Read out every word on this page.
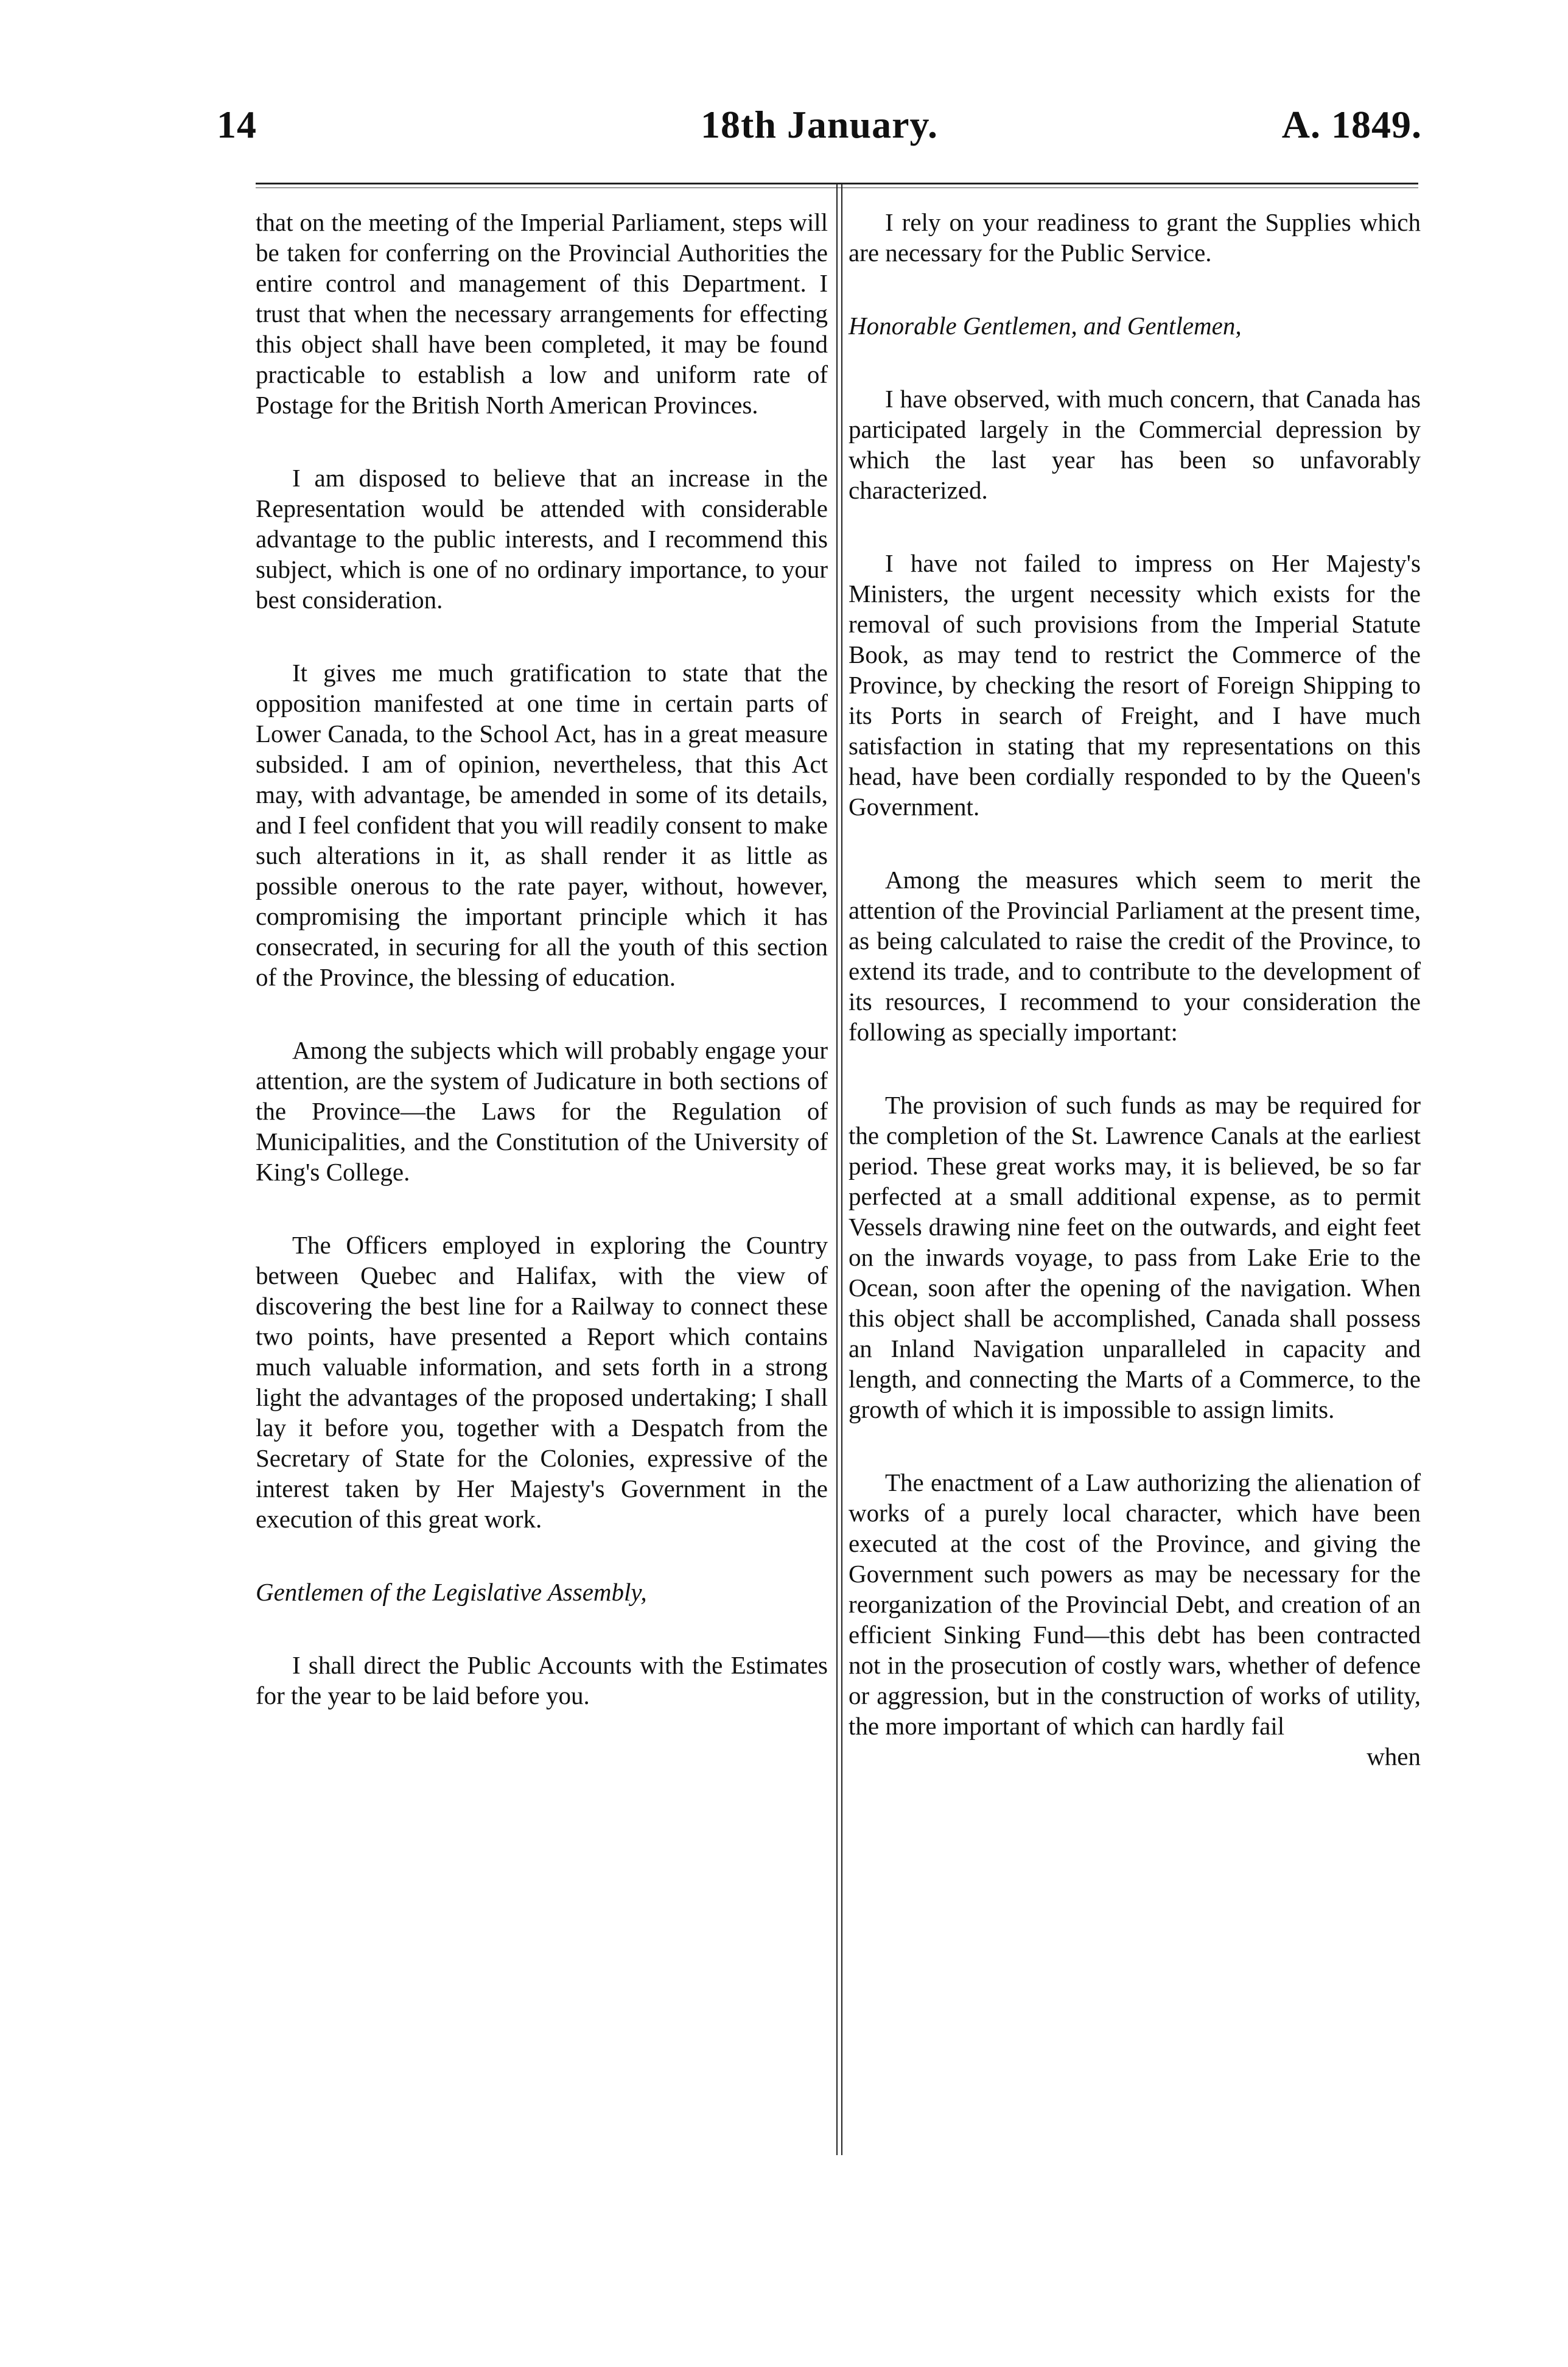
14	18th January.	A. 1849.

that on the meeting of the Imperial Parliament, steps will be taken for conferring on the Provincial Authorities the entire control and management of this Department. I trust that when the necessary arrangements for effecting this object shall have been completed, it may be found practicable to establish a low and uniform rate of Postage for the British North American Provinces.

I am disposed to believe that an increase in the Representation would be attended with considerable advantage to the public interests, and I recommend this subject, which is one of no ordinary importance, to your best consideration.

It gives me much gratification to state that the opposition manifested at one time in certain parts of Lower Canada, to the School Act, has in a great measure subsided. I am of opinion, nevertheless, that this Act may, with advantage, be amended in some of its details, and I feel confident that you will readily consent to make such alterations in it, as shall render it as little as possible onerous to the rate payer, without, however, compromising the important principle which it has consecrated, in securing for all the youth of this section of the Province, the blessing of education.

Among the subjects which will probably engage your attention, are the system of Judicature in both sections of the Province—the Laws for the Regulation of Municipalities, and the Constitution of the University of King's College.

The Officers employed in exploring the Country between Quebec and Halifax, with the view of discovering the best line for a Railway to connect these two points, have presented a Report which contains much valuable information, and sets forth in a strong light the advantages of the proposed undertaking; I shall lay it before you, together with a Despatch from the Secretary of State for the Colonies, expressive of the interest taken by Her Majesty's Government in the execution of this great work.

Gentlemen of the Legislative Assembly,

I shall direct the Public Accounts with the Estimates for the year to be laid before you.

I rely on your readiness to grant the Supplies which are necessary for the Public Service.

Honorable Gentlemen, and Gentlemen,

I have observed, with much concern, that Canada has participated largely in the Commercial depression by which the last year has been so unfavorably characterized.

I have not failed to impress on Her Majesty's Ministers, the urgent necessity which exists for the removal of such provisions from the Imperial Statute Book, as may tend to restrict the Commerce of the Province, by checking the resort of Foreign Shipping to its Ports in search of Freight, and I have much satisfaction in stating that my representations on this head, have been cordially responded to by the Queen's Government.

Among the measures which seem to merit the attention of the Provincial Parliament at the present time, as being calculated to raise the credit of the Province, to extend its trade, and to contribute to the development of its resources, I recommend to your consideration the following as specially important:

The provision of such funds as may be required for the completion of the St. Lawrence Canals at the earliest period. These great works may, it is believed, be so far perfected at a small additional expense, as to permit Vessels drawing nine feet on the outwards, and eight feet on the inwards voyage, to pass from Lake Erie to the Ocean, soon after the opening of the navigation. When this object shall be accomplished, Canada shall possess an Inland Navigation unparalleled in capacity and length, and connecting the Marts of a Commerce, to the growth of which it is impossible to assign limits.

The enactment of a Law authorizing the alienation of works of a purely local character, which have been executed at the cost of the Province, and giving the Government such powers as may be necessary for the reorganization of the Provincial Debt, and creation of an efficient Sinking Fund—this debt has been contracted not in the prosecution of costly wars, whether of defence or aggression, but in the construction of works of utility, the more important of which can hardly fail

when
